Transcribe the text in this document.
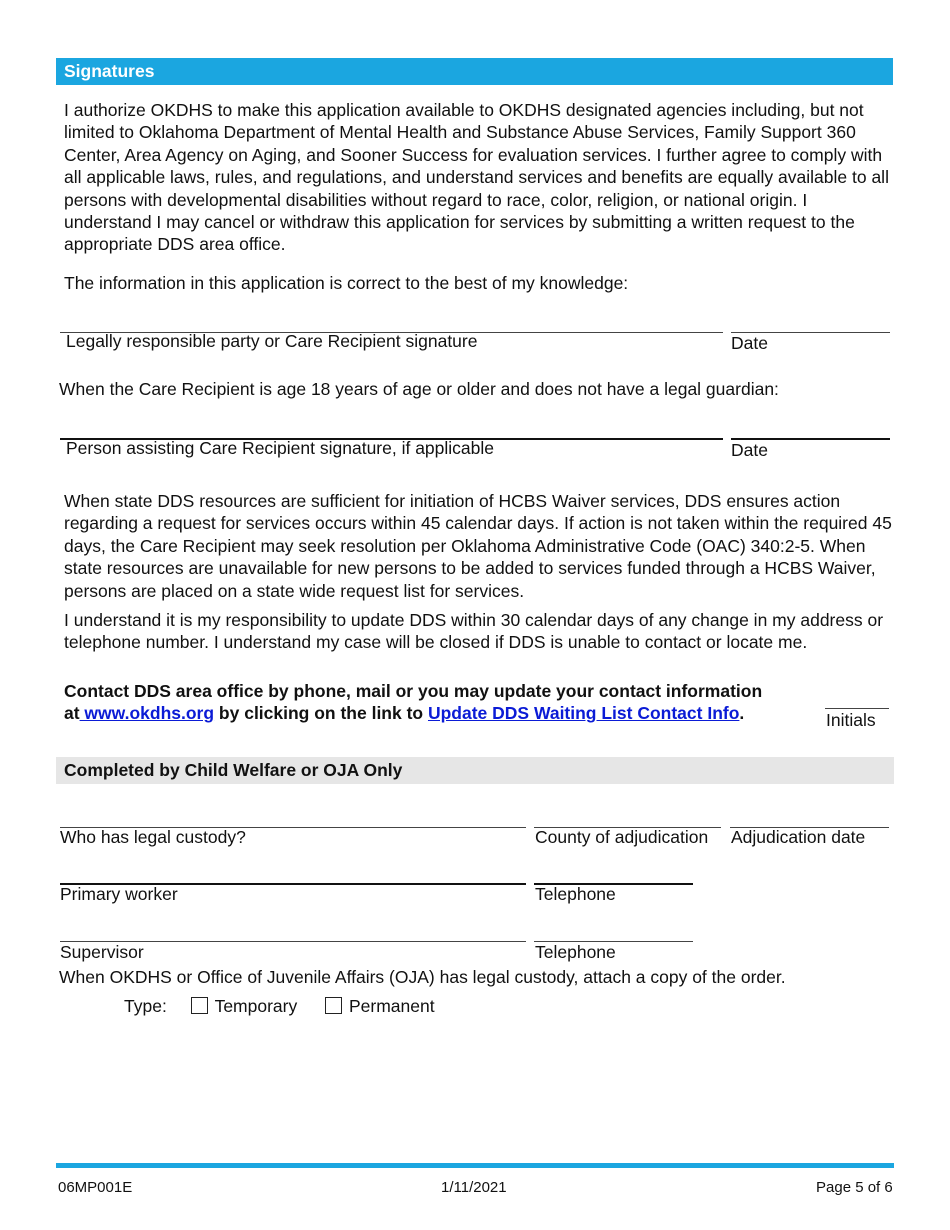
Signatures
I authorize OKDHS to make this application available to OKDHS designated agencies including, but not limited to Oklahoma Department of Mental Health and Substance Abuse Services, Family Support 360 Center, Area Agency on Aging, and Sooner Success for evaluation services. I further agree to comply with all applicable laws, rules, and regulations, and understand services and benefits are equally available to all persons with developmental disabilities without regard to race, color, religion, or national origin. I understand I may cancel or withdraw this application for services by submitting a written request to the appropriate DDS area office.
The information in this application is correct to the best of my knowledge:
Legally responsible party or Care Recipient signature	Date
When the Care Recipient is age 18 years of age or older and does not have a legal guardian:
Person assisting Care Recipient signature, if applicable	Date
When state DDS resources are sufficient for initiation of HCBS Waiver services, DDS ensures action regarding a request for services occurs within 45 calendar days. If action is not taken within the required 45 days, the Care Recipient may seek resolution per Oklahoma Administrative Code (OAC) 340:2-5. When state resources are unavailable for new persons to be added to services funded through a HCBS Waiver, persons are placed on a state wide request list for services.
I understand it is my responsibility to update DDS within 30 calendar days of any change in my address or telephone number. I understand my case will be closed if DDS is unable to contact or locate me.
Contact DDS area office by phone, mail or you may update your contact information
at www.okdhs.org by clicking on the link to Update DDS Waiting List Contact Info.	Initials
Completed by Child Welfare or OJA Only
Who has legal custody?	County of adjudication Adjudication date
Primary worker	Telephone
Supervisor	Telephone
When OKDHS or Office of Juvenile Affairs (OJA) has legal custody, attach a copy of the order.
Type:	Temporary	Permanent
06MP001E	1/11/2021	Page 5 of 6
